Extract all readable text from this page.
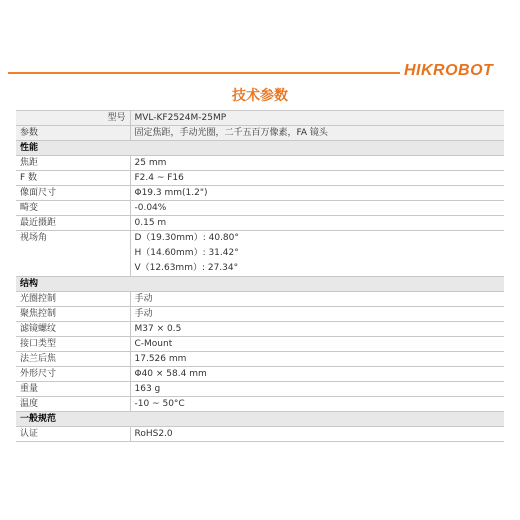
HIKROBOT
技术参数
型号	MVL-KF2524M-25MP
参数	固定焦距，手动光圈，二千五百万像素，FA 镜头
性能	
焦距	25 mm

F 数	F2.4 ~ F16

像面尺寸	Φ19.3 mm(1.2")

畸变	-0.04%

最近摄距	0.15 m

视场角	D（19.30mm）: 40.80°
H（14.60mm）: 31.42°
V（12.63mm）: 27.34°

结构	
光圈控制	手动

聚焦控制	手动

滤镜螺纹	M37 × 0.5

接口类型	C-Mount

法兰后焦	17.526 mm

外形尺寸	Φ40 × 58.4 mm

重量	163 g

温度	-10 ~ 50°C

一般规范	
认证	RoHS2.0
